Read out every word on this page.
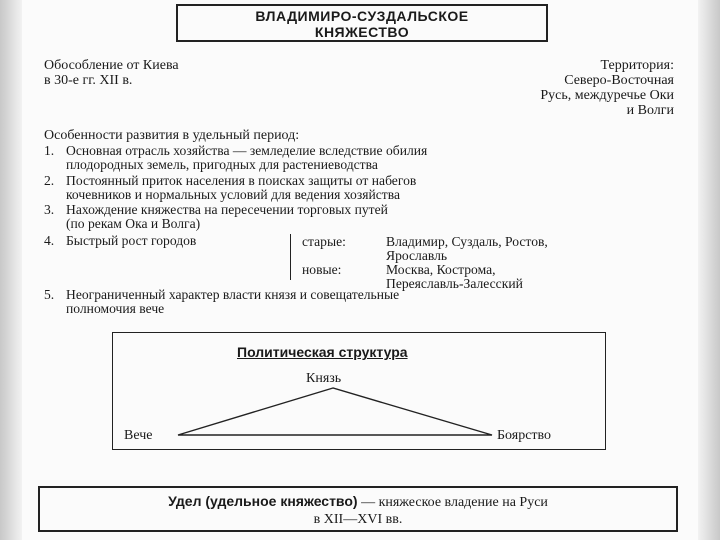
ВЛАДИМИРО-СУЗДАЛЬСКОЕ
КНЯЖЕСТВО
Обособление от Киева
в 30-е гг. XII в.
Территория:
Северо-Восточная
Русь, междуречье Оки
и Волги
Особенности развития в удельный период:
1. Основная отрасль хозяйства — земледелие вследствие обилия
плодородных земель, пригодных для растениеводства
2. Постоянный приток населения в поисках защиты от набегов
кочевников и нормальных условий для ведения хозяйства
3. Нахождение княжества на пересечении торговых путей
(по рекам Ока и Волга)
4. Быстрый рост городов	старые:	Владимир, Суздаль, Ростов,
Ярославль
новые:	Москва, Кострома,
Переяславль-Залесский
5. Неограниченный характер власти князя и совещательные
полномочия вече
Политическая структура
Князь
Вече	Боярство
Удел (удельное княжество) — княжеское владение на Руси
в XII—XVI вв.
